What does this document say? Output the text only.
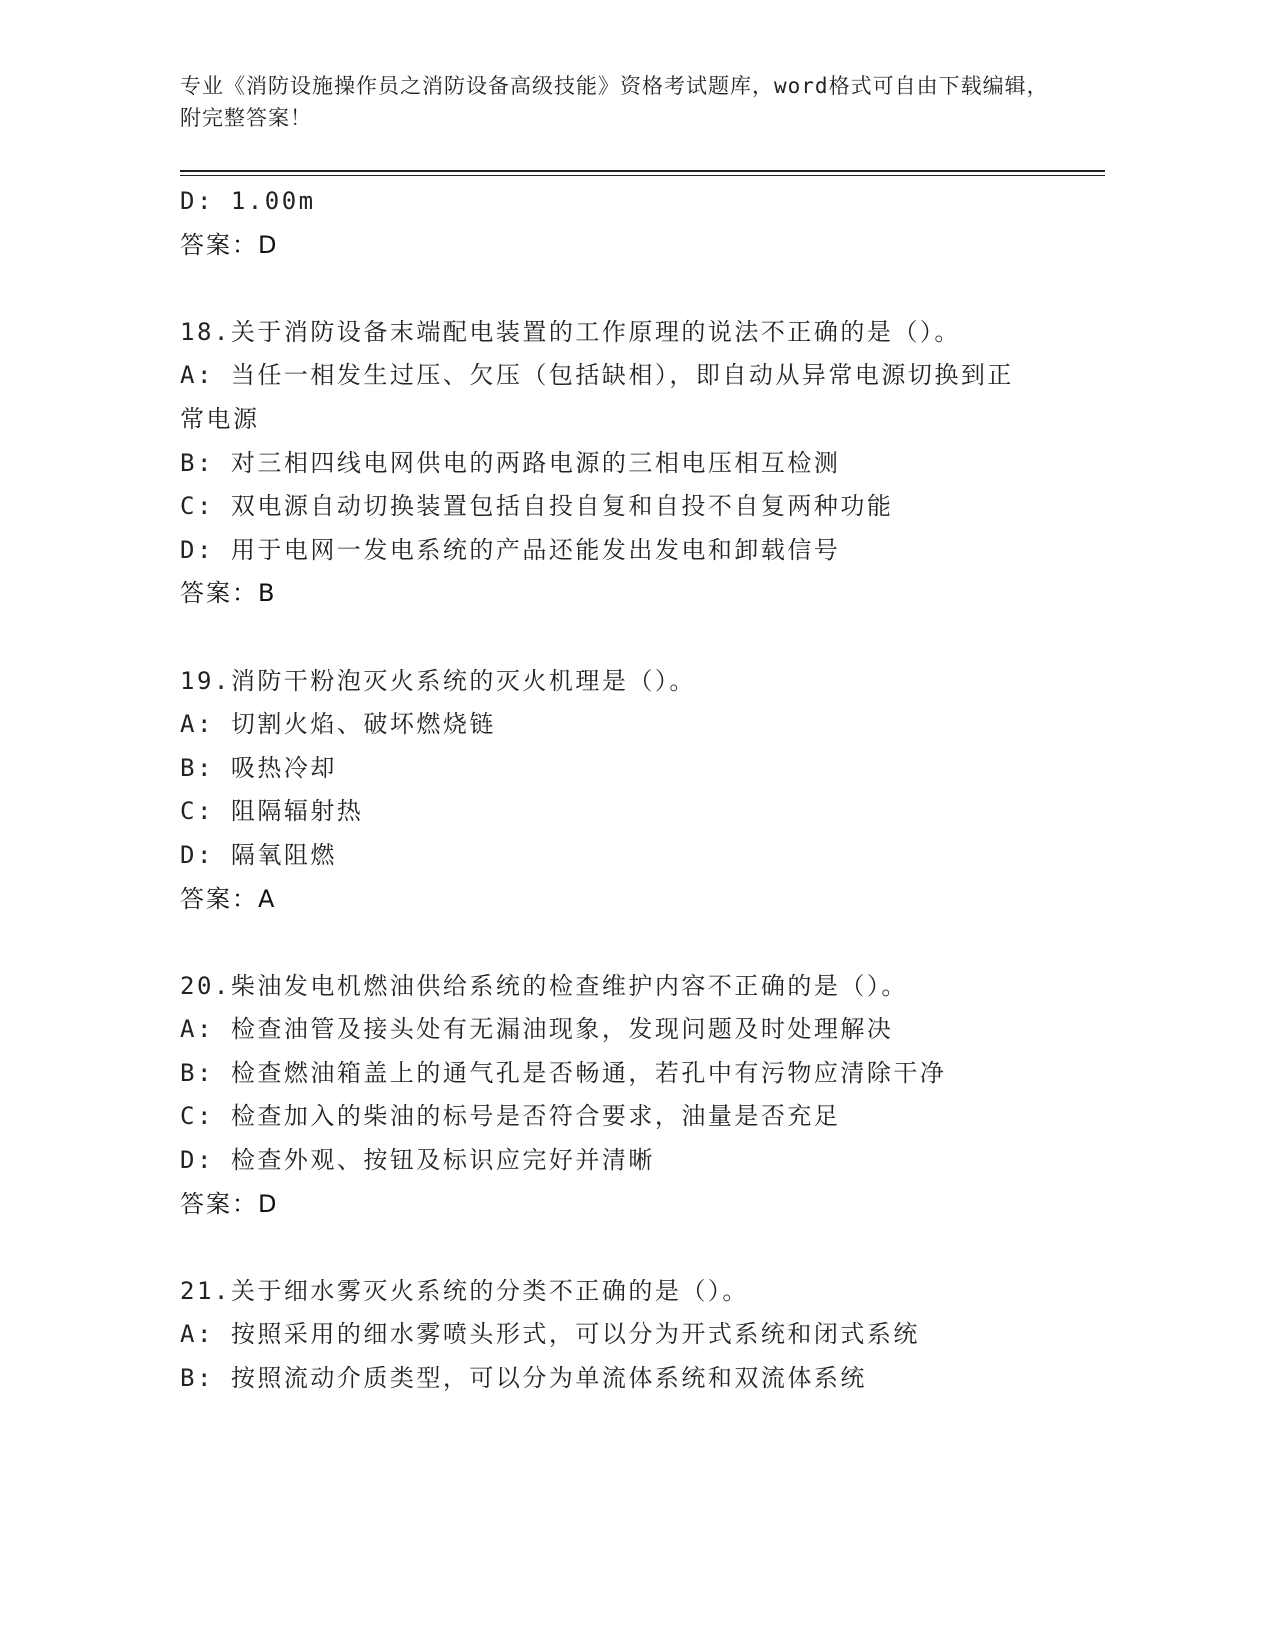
专业《消防设施操作员之消防设备高级技能》资格考试题库，word格式可自由下载编辑，附完整答案！
D: 1.00m
答案：D
18.关于消防设备末端配电装置的工作原理的说法不正确的是（）。
A: 当任一相发生过压、欠压（包括缺相），即自动从异常电源切换到正常电源
B: 对三相四线电网供电的两路电源的三相电压相互检测
C: 双电源自动切换装置包括自投自复和自投不自复两种功能
D: 用于电网一发电系统的产品还能发出发电和卸载信号
答案：B
19.消防干粉泡灭火系统的灭火机理是（）。
A: 切割火焰、破坏燃烧链
B: 吸热冷却
C: 阻隔辐射热
D: 隔氧阻燃
答案：A
20.柴油发电机燃油供给系统的检查维护内容不正确的是（）。
A: 检查油管及接头处有无漏油现象，发现问题及时处理解决
B: 检查燃油箱盖上的通气孔是否畅通，若孔中有污物应清除干净
C: 检查加入的柴油的标号是否符合要求，油量是否充足
D: 检查外观、按钮及标识应完好并清晰
答案：D
21.关于细水雾灭火系统的分类不正确的是（）。
A: 按照采用的细水雾喷头形式，可以分为开式系统和闭式系统
B: 按照流动介质类型，可以分为单流体系统和双流体系统
